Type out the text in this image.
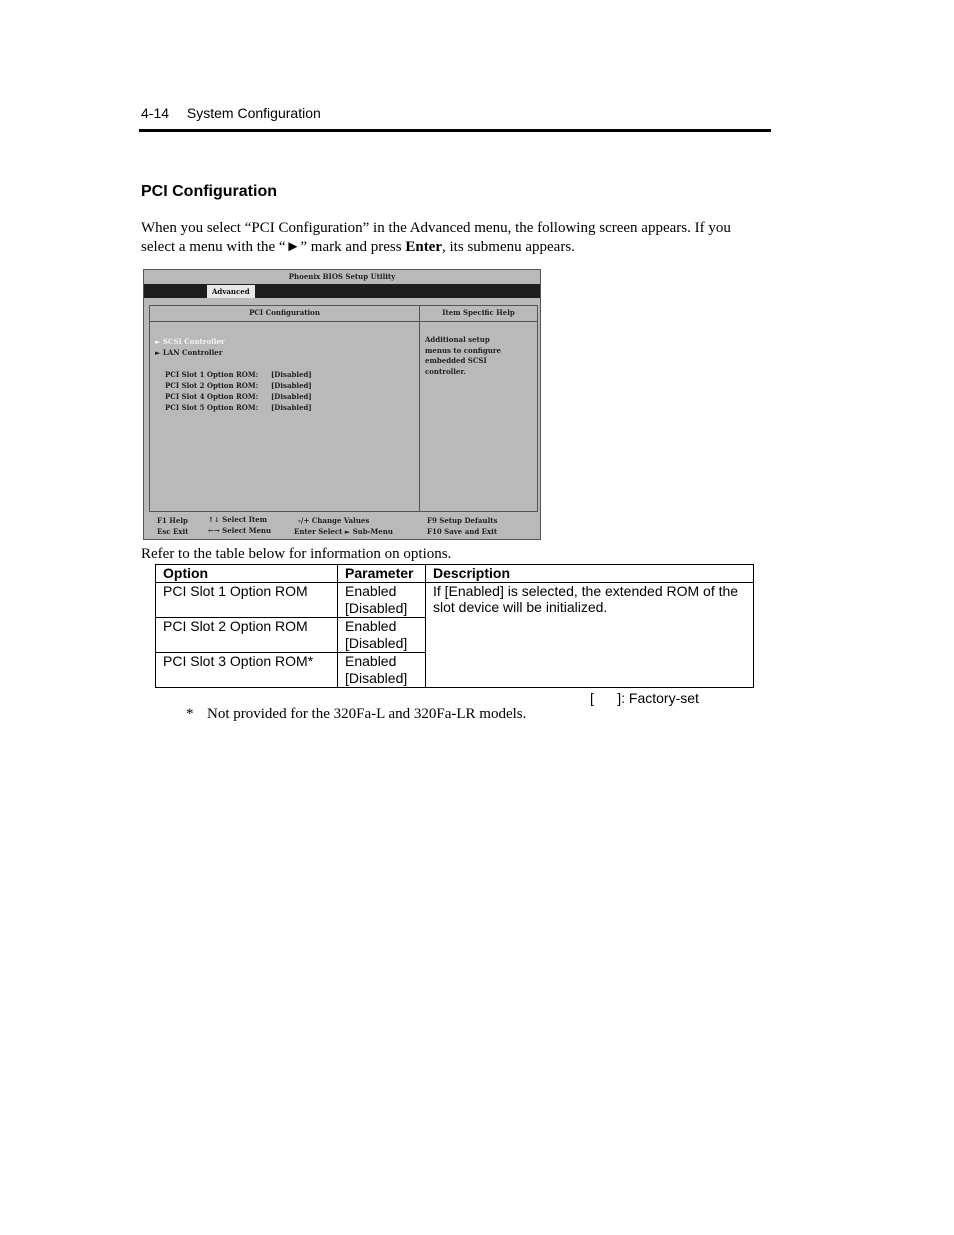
4-14 System Configuration
PCI Configuration
When you select “PCI Configuration” in the Advanced menu, the following screen appears. If you select a menu with the “►” mark and press Enter, its submenu appears.
Phoenix BIOS Setup Utility
Advanced
PCI Configuration
► SCSI Controller
► LAN Controller
PCI Slot 1 Option ROM: [Disabled]
PCI Slot 2 Option ROM: [Disabled]
PCI Slot 4 Option ROM: [Disabled]
PCI Slot 5 Option ROM: [Disabled]
Item Specific Help
Additional setup
menus to configure
embedded SCSI
controller.
F1 Help	↑↓ Select Item	-/+ Change Values	F9 Setup Defaults
Esc Exit	←→ Select Menu	Enter Select ► Sub-Menu	F10 Save and Exit
Refer to the table below for information on options.
Option	Parameter	Description
PCI Slot 1 Option ROM	Enabled
[Disabled]	If [Enabled] is selected, the extended ROM of the slot device will be initialized.
PCI Slot 2 Option ROM	Enabled
[Disabled]	
PCI Slot 3 Option ROM*	Enabled
[Disabled]	
[      ]: Factory-set
* Not provided for the 320Fa-L and 320Fa-LR models.
